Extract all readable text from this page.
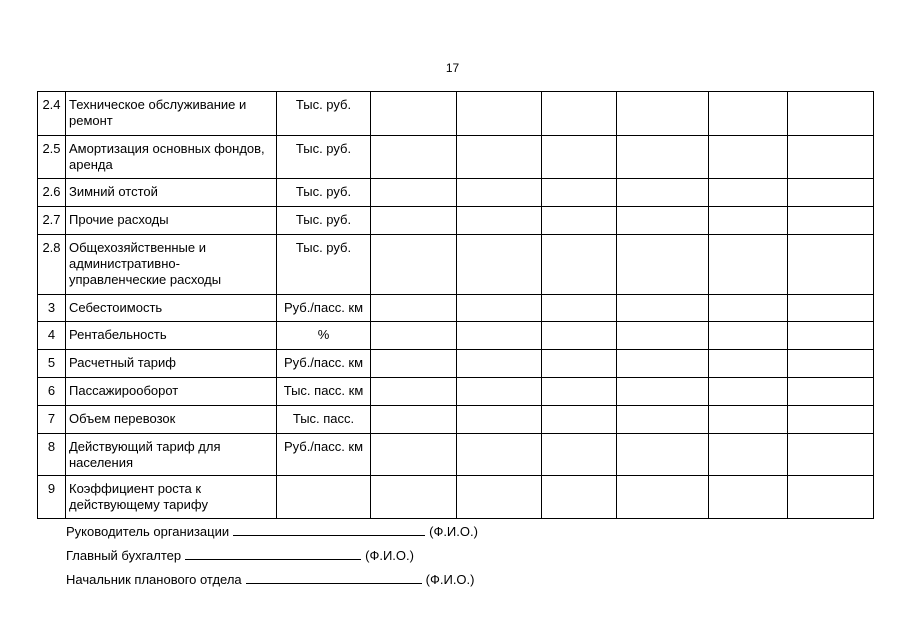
17
2.4	Техническое обслуживание и ремонт	Тыс. руб.						
2.5	Амортизация основных фондов, аренда	Тыс. руб.						
2.6	Зимний отстой	Тыс. руб.						
2.7	Прочие расходы	Тыс. руб.						
2.8	Общехозяйственные и административно-управленческие расходы	Тыс. руб.						
3	Себестоимость	Руб./пасс. км						
4	Рентабельность	%						
5	Расчетный тариф	Руб./пасс. км						
6	Пассажирооборот	Тыс. пасс. км						
7	Объем перевозок	Тыс. пасс.						
8	Действующий тариф для населения	Руб./пасс. км						
9	Коэффициент роста к действующему тарифу							
Руководитель организации	(Ф.И.О.)
Главный бухгалтер	(Ф.И.О.)
Начальник планового отдела	(Ф.И.О.)
